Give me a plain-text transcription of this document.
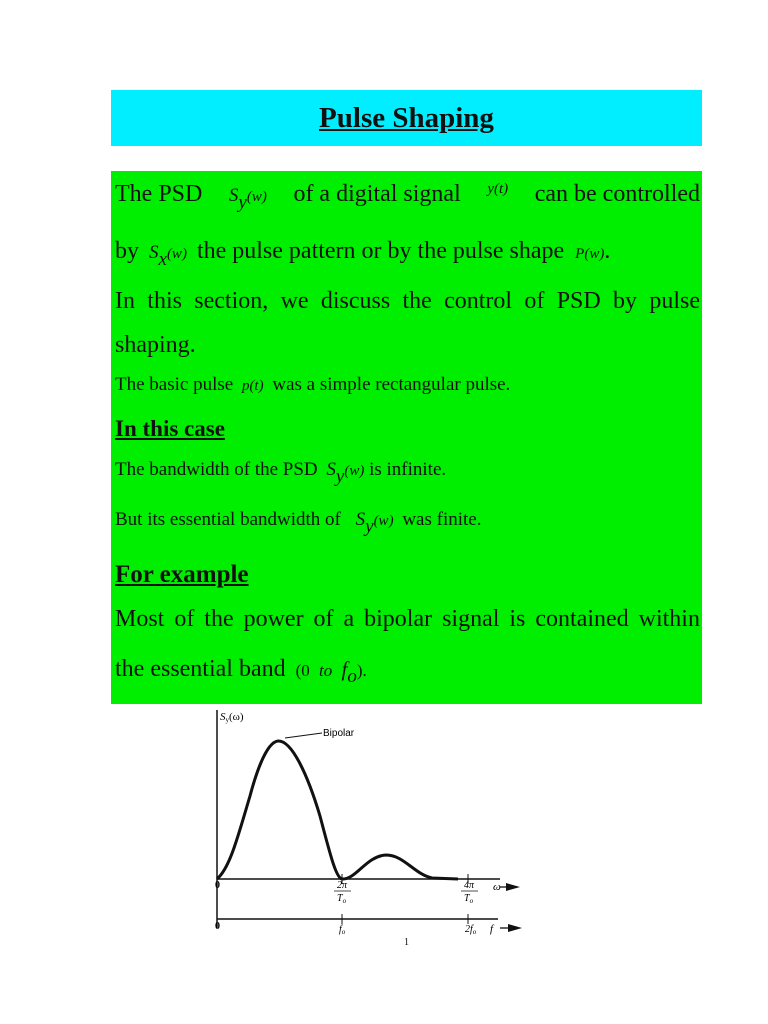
Pulse Shaping
The PSD $S_y(w)$ of a digital signal y(t) can be controlled
by $S_x(w)$ the pulse pattern or by the pulse shape P(w).
In this section, we discuss the control of PSD by pulse
shaping.
The basic pulse p(t) was a simple rectangular pulse.
In this case
The bandwidth of the PSD Sy(w) is infinite.
But its essential bandwidth of Sy(w) was finite.
For example
Most of the power of a bipolar signal is contained within
the essential band (0 to fo).
Sy(ω)
Bipolar
0
0
2π
$T_o$
4π
$T_o$
ω
$f_o$	$2f_o$ f
1
